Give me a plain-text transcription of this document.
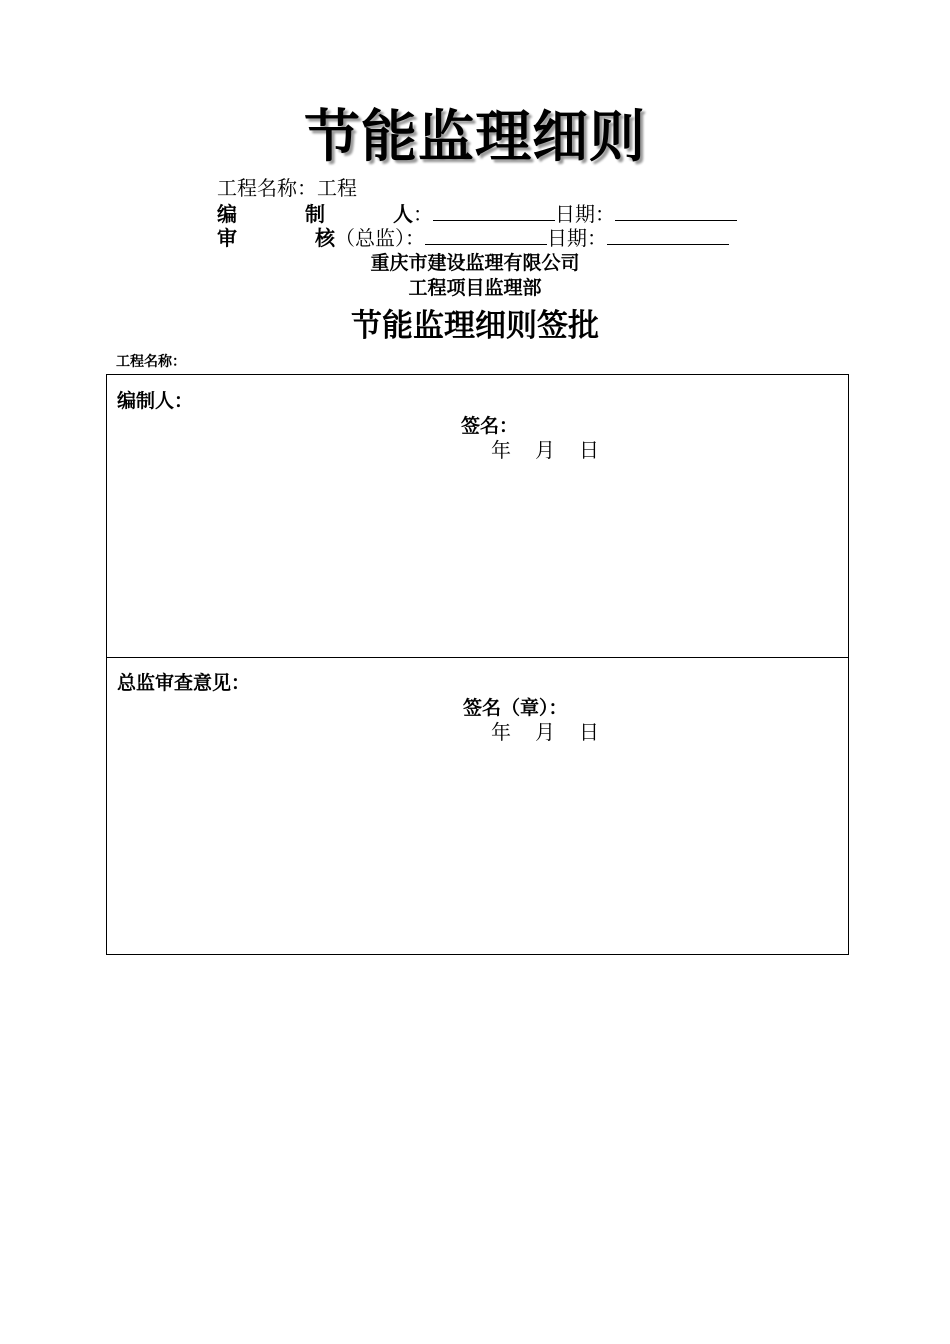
节能监理细则
工程名称：工程
编	制	人：	日期：
审	核（总监）：	日期：
重庆市建设监理有限公司
工程项目监理部
节能监理细则签批
工程名称：
编制人：
签名：
年 月 日
总监审查意见：
签名（章）：
年 月 日
